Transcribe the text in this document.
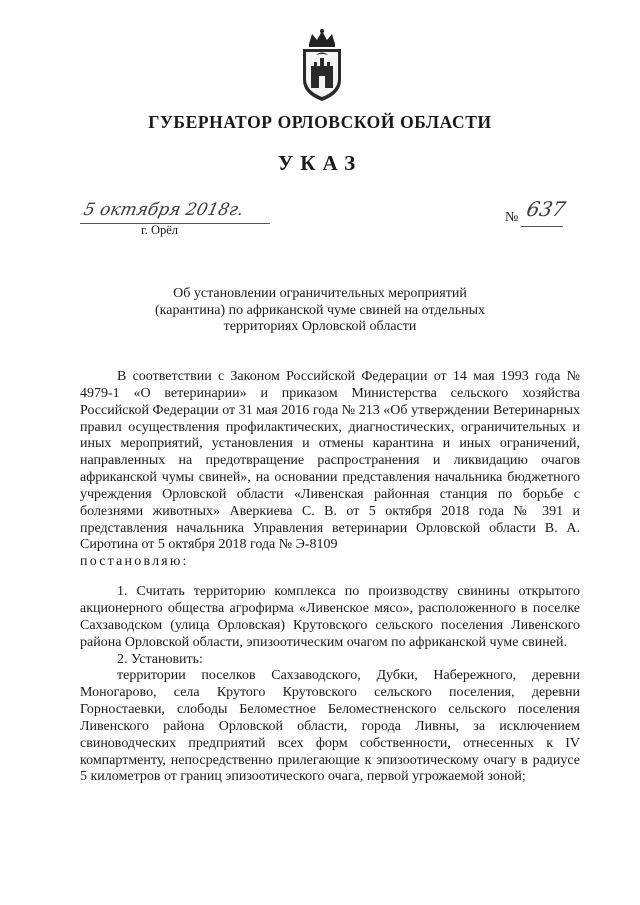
ГУБЕРНАТОР ОРЛОВСКОЙ ОБЛАСТИ
УКАЗ
5 октября 2018г.
г. Орёл
№ 637
Об установлении ограничительных мероприятий
(карантина) по африканской чуме свиней на отдельных
территориях Орловской области

В соответствии с Законом Российской Федерации от 14 мая 1993 года № 4979-1 «О ветеринарии» и приказом Министерства сельского хозяйства Российской Федерации от 31 мая 2016 года № 213 «Об утверждении Ветеринарных правил осуществления профилактических, диагностических, ограничительных и иных мероприятий, установления и отмены карантина и иных ограничений, направленных на предотвращение распространения и ликвидацию очагов африканской чумы свиней», на основании представления начальника бюджетного учреждения Орловской области «Ливенская районная станция по борьбе с болезнями животных» Аверкиева С. В. от 5 октября 2018 года № 391 и представления начальника Управления ветеринарии Орловской области В. А. Сиротина от 5 октября 2018 года № Э-8109

постановляю:

1. Считать территорию комплекса по производству свинины открытого акционерного общества агрофирма «Ливенское мясо», расположенного в поселке Сахзаводском (улица Орловская) Крутовского сельского поселения Ливенского района Орловской области, эпизоотическим очагом по африканской чуме свиней.

2. Установить:

территории поселков Сахзаводского, Дубки, Набережного, деревни Моногарово, села Крутого Крутовского сельского поселения, деревни Горностаевки, слободы Беломестное Беломестненского сельского поселения Ливенского района Орловской области, города Ливны, за исключением свиноводческих предприятий всех форм собственности, отнесенных к IV компартменту, непосредственно прилегающие к эпизоотическому очагу в радиусе 5 километров от границ эпизоотического очага, первой угрожаемой зоной;
